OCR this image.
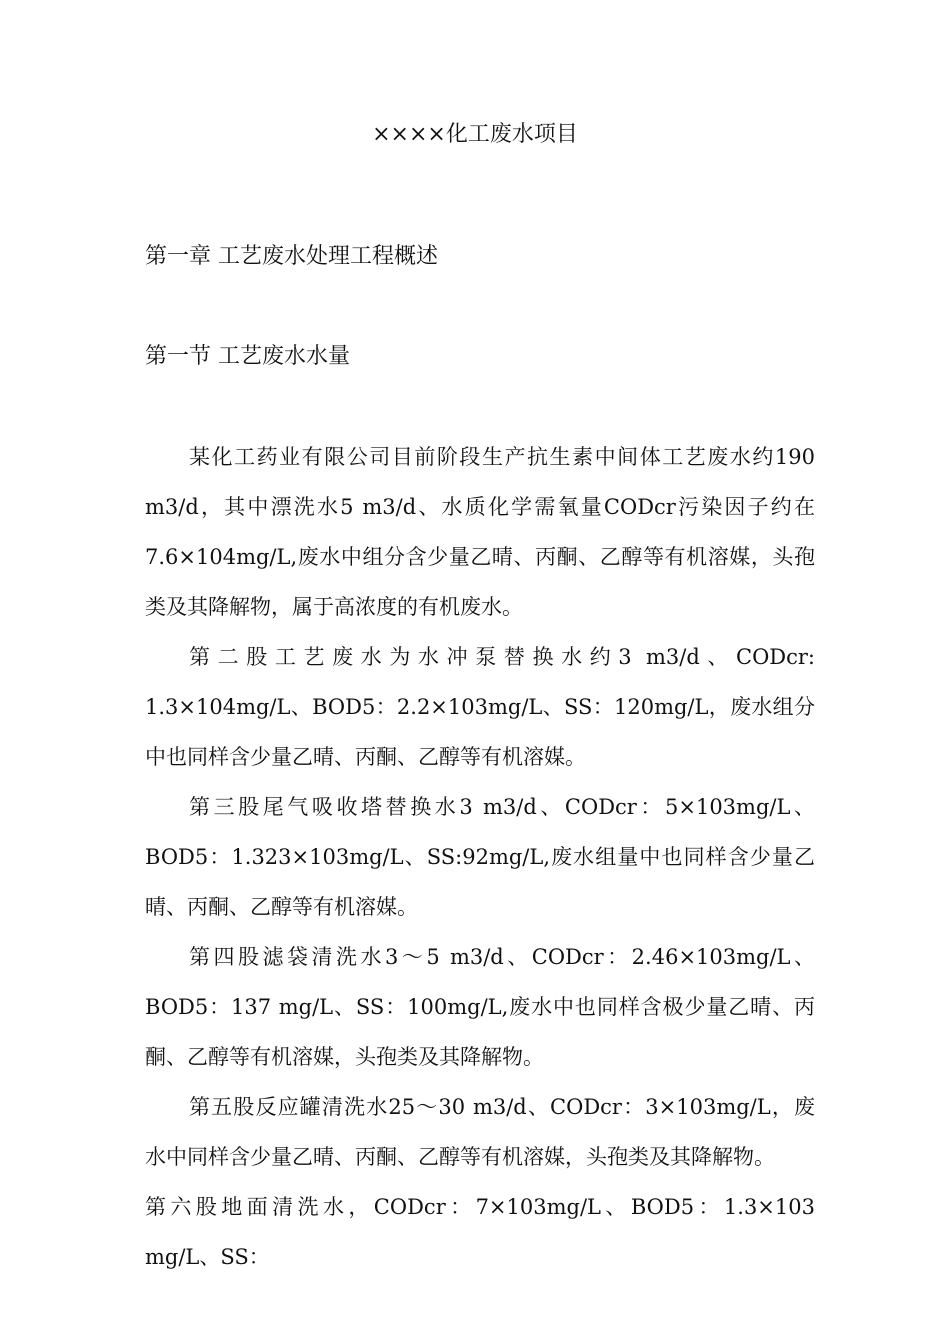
××××化工废水项目
第一章 工艺废水处理工程概述
第一节 工艺废水水量

某化工药业有限公司目前阶段生产抗生素中间体工艺废水约190 m3/d，其中漂洗水5 m3/d、水质化学需氧量CODcr污染因子约在7.6×104mg/L,废水中组分含少量乙晴、丙酮、乙醇等有机溶媒，头孢类及其降解物，属于高浓度的有机废水。

第二股工艺废水为水冲泵替换水约3 m3/d、CODcr: 1.3×104mg/L、BOD5：2.2×103mg/L、SS：120mg/L，废水组分中也同样含少量乙晴、丙酮、乙醇等有机溶媒。

第三股尾气吸收塔替换水3 m3/d、CODcr：5×103mg/L、BOD5：1.323×103mg/L、SS:92mg/L,废水组量中也同样含少量乙晴、丙酮、乙醇等有机溶媒。

第四股滤袋清洗水3～5 m3/d、CODcr：2.46×103mg/L、BOD5：137 mg/L、SS：100mg/L,废水中也同样含极少量乙晴、丙酮、乙醇等有机溶媒，头孢类及其降解物。

第五股反应罐清洗水25～30 m3/d、CODcr：3×103mg/L，废水中同样含少量乙晴、丙酮、乙醇等有机溶媒，头孢类及其降解物。

第六股地面清洗水，CODcr：7×103mg/L、BOD5：1.3×103 mg/L、SS：
